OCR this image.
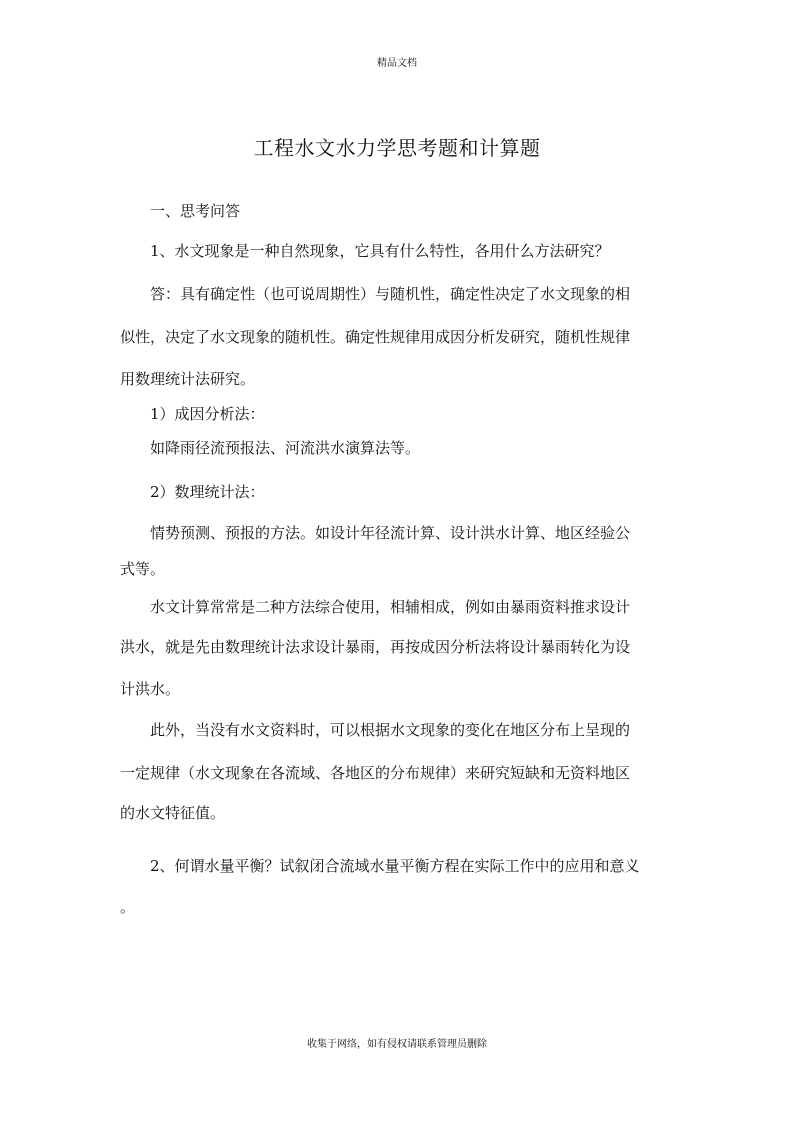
精品文档
工程水文水力学思考题和计算题
一、思考问答
1、水文现象是一种自然现象，它具有什么特性，各用什么方法研究？
答：具有确定性（也可说周期性）与随机性，确定性决定了水文现象的相
似性，决定了水文现象的随机性。确定性规律用成因分析发研究，随机性规律
用数理统计法研究。
1）成因分析法：
如降雨径流预报法、河流洪水演算法等。
2）数理统计法：
情势预测、预报的方法。如设计年径流计算、设计洪水计算、地区经验公
式等。
水文计算常常是二种方法综合使用，相辅相成，例如由暴雨资料推求设计
洪水，就是先由数理统计法求设计暴雨，再按成因分析法将设计暴雨转化为设
计洪水。
此外，当没有水文资料时，可以根据水文现象的变化在地区分布上呈现的
一定规律（水文现象在各流域、各地区的分布规律）来研究短缺和无资料地区
的水文特征值。
2、何谓水量平衡？试叙闭合流域水量平衡方程在实际工作中的应用和意义
。
收集于网络，如有侵权请联系管理员删除
